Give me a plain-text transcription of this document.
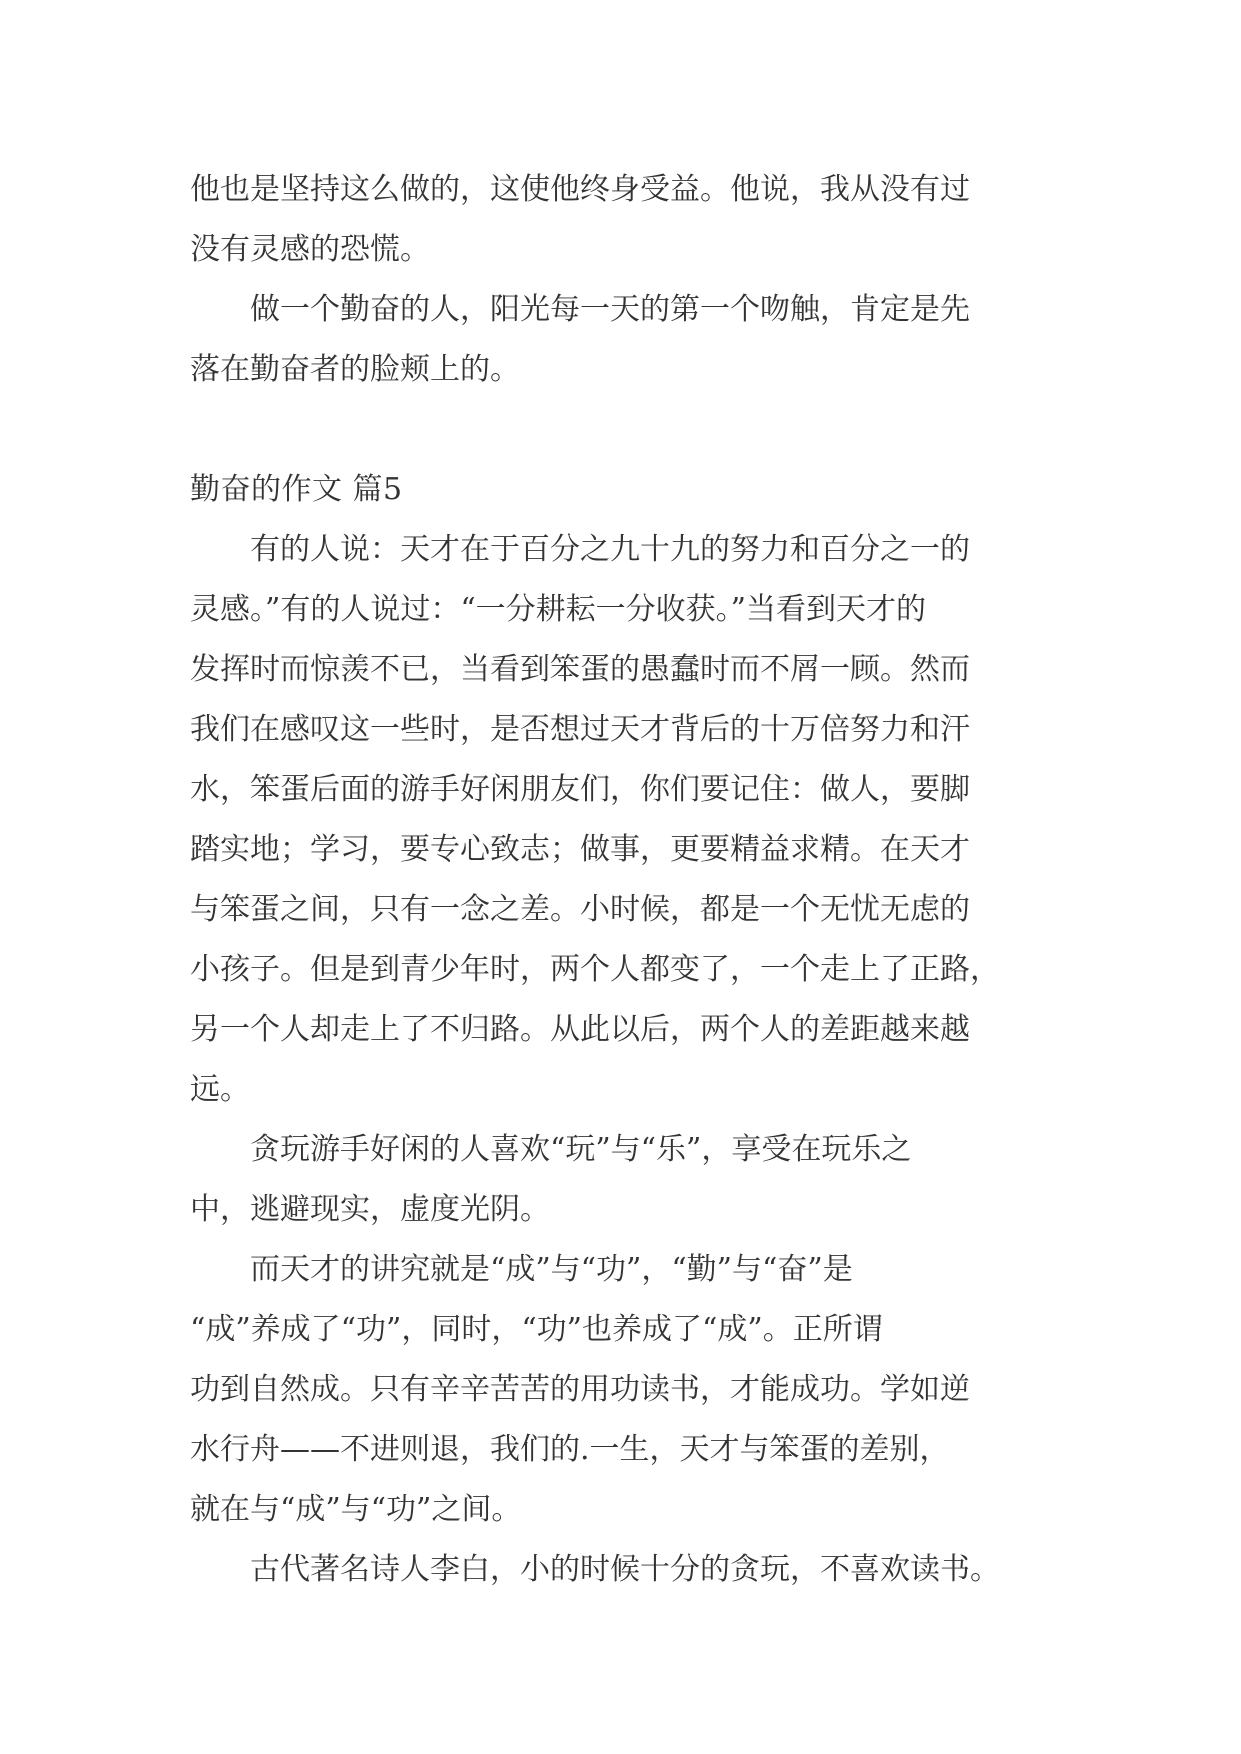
他也是坚持这么做的，这使他终身受益。他说，我从没有过
没有灵感的恐慌。
　　做一个勤奋的人，阳光每一天的第一个吻触，肯定是先
落在勤奋者的脸颊上的。
勤奋的作文 篇5
　　有的人说：天才在于百分之九十九的努力和百分之一的
灵感。”有的人说过：“一分耕耘一分收获。”当看到天才的
发挥时而惊羡不已，当看到笨蛋的愚蠢时而不屑一顾。然而
我们在感叹这一些时，是否想过天才背后的十万倍努力和汗
水，笨蛋后面的游手好闲朋友们，你们要记住：做人，要脚
踏实地；学习，要专心致志；做事，更要精益求精。在天才
与笨蛋之间，只有一念之差。小时候，都是一个无忧无虑的
小孩子。但是到青少年时，两个人都变了，一个走上了正路，
另一个人却走上了不归路。从此以后，两个人的差距越来越
远。
　　贪玩游手好闲的人喜欢“玩”与“乐”，享受在玩乐之
中，逃避现实，虚度光阴。
　　而天才的讲究就是“成”与“功”，“勤”与“奋”是
“成”养成了“功”，同时，“功”也养成了“成”。正所谓
功到自然成。只有辛辛苦苦的用功读书，才能成功。学如逆
水行舟——不进则退，我们的.一生，天才与笨蛋的差别，
就在与“成”与“功”之间。
　　古代著名诗人李白，小的时候十分的贪玩，不喜欢读书。
